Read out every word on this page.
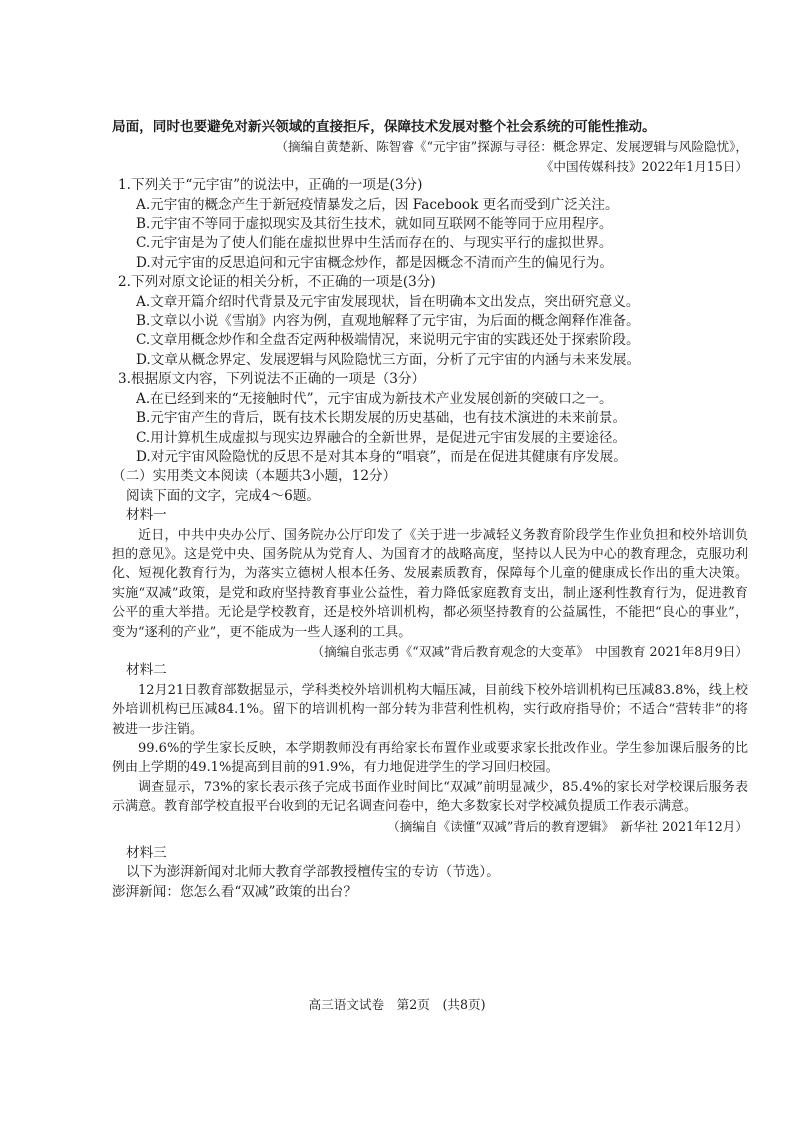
局面，同时也要避免对新兴领域的直接拒斥，保障技术发展对整个社会系统的可能性推动。
（摘编自黄楚新、陈智睿《“元宇宙”探源与寻径：概念界定、发展逻辑与风险隐忧》，
《中国传媒科技》2022年1月15日）
1.下列关于“元宇宙”的说法中，正确的一项是(3分)
A.元宇宙的概念产生于新冠疫情暴发之后，因 Facebook 更名而受到广泛关注。
B.元宇宙不等同于虚拟现实及其衍生技术，就如同互联网不能等同于应用程序。
C.元宇宙是为了使人们能在虚拟世界中生活而存在的、与现实平行的虚拟世界。
D.对元宇宙的反思追问和元宇宙概念炒作，都是因概念不清而产生的偏见行为。
2.下列对原文论证的相关分析，不正确的一项是(3分)
A.文章开篇介绍时代背景及元宇宙发展现状，旨在明确本文出发点，突出研究意义。
B.文章以小说《雪崩》内容为例，直观地解释了元宇宙，为后面的概念阐释作准备。
C.文章用概念炒作和全盘否定两种极端情况，来说明元宇宙的实践还处于探索阶段。
D.文章从概念界定、发展逻辑与风险隐忧三方面，分析了元宇宙的内涵与未来发展。
3.根据原文内容，下列说法不正确的一项是（3分）
A.在已经到来的“无接触时代”，元宇宙成为新技术产业发展创新的突破口之一。
B.元宇宙产生的背后，既有技术长期发展的历史基础，也有技术演进的未来前景。
C.用计算机生成虚拟与现实边界融合的全新世界，是促进元宇宙发展的主要途径。
D.对元宇宙风险隐忧的反思不是对其本身的“唱衰”，而是在促进其健康有序发展。
（二）实用类文本阅读（本题共3小题，12分）
阅读下面的文字，完成4～6题。
材料一
近日，中共中央办公厅、国务院办公厅印发了《关于进一步减轻义务教育阶段学生作业负担和校外培训负担的意见》。这是党中央、国务院从为党育人、为国育才的战略高度，坚持以人民为中心的教育理念，克服功利化、短视化教育行为，为落实立德树人根本任务、发展素质教育，保障每个儿童的健康成长作出的重大决策。实施“双减”政策，是党和政府坚持教育事业公益性，着力降低家庭教育支出，制止逐利性教育行为，促进教育公平的重大举措。无论是学校教育，还是校外培训机构，都必须坚持教育的公益属性，不能把“良心的事业”，变为“逐利的产业”，更不能成为一些人逐利的工具。
（摘编自张志勇《“双减”背后教育观念的大变革》　中国教育 2021年8月9日）
材料二
12月21日教育部数据显示，学科类校外培训机构大幅压减，目前线下校外培训机构已压减83.8%，线上校外培训机构已压减84.1%。留下的培训机构一部分转为非营利性机构，实行政府指导价；不适合“营转非”的将被进一步注销。
99.6%的学生家长反映，本学期教师没有再给家长布置作业或要求家长批改作业。学生参加课后服务的比例由上学期的49.1%提高到目前的91.9%，有力地促进学生的学习回归校园。
调查显示，73%的家长表示孩子完成书面作业时间比“双减”前明显减少，85.4%的家长对学校课后服务表示满意。教育部学校直报平台收到的无记名调查问卷中，绝大多数家长对学校减负提质工作表示满意。
（摘编自《读懂“双减”背后的教育逻辑》　新华社 2021年12月）
材料三
以下为澎湃新闻对北师大教育学部教授檀传宝的专访（节选）。
澎湃新闻：您怎么看“双减”政策的出台？
高三语文试卷　第2页　(共8页)
